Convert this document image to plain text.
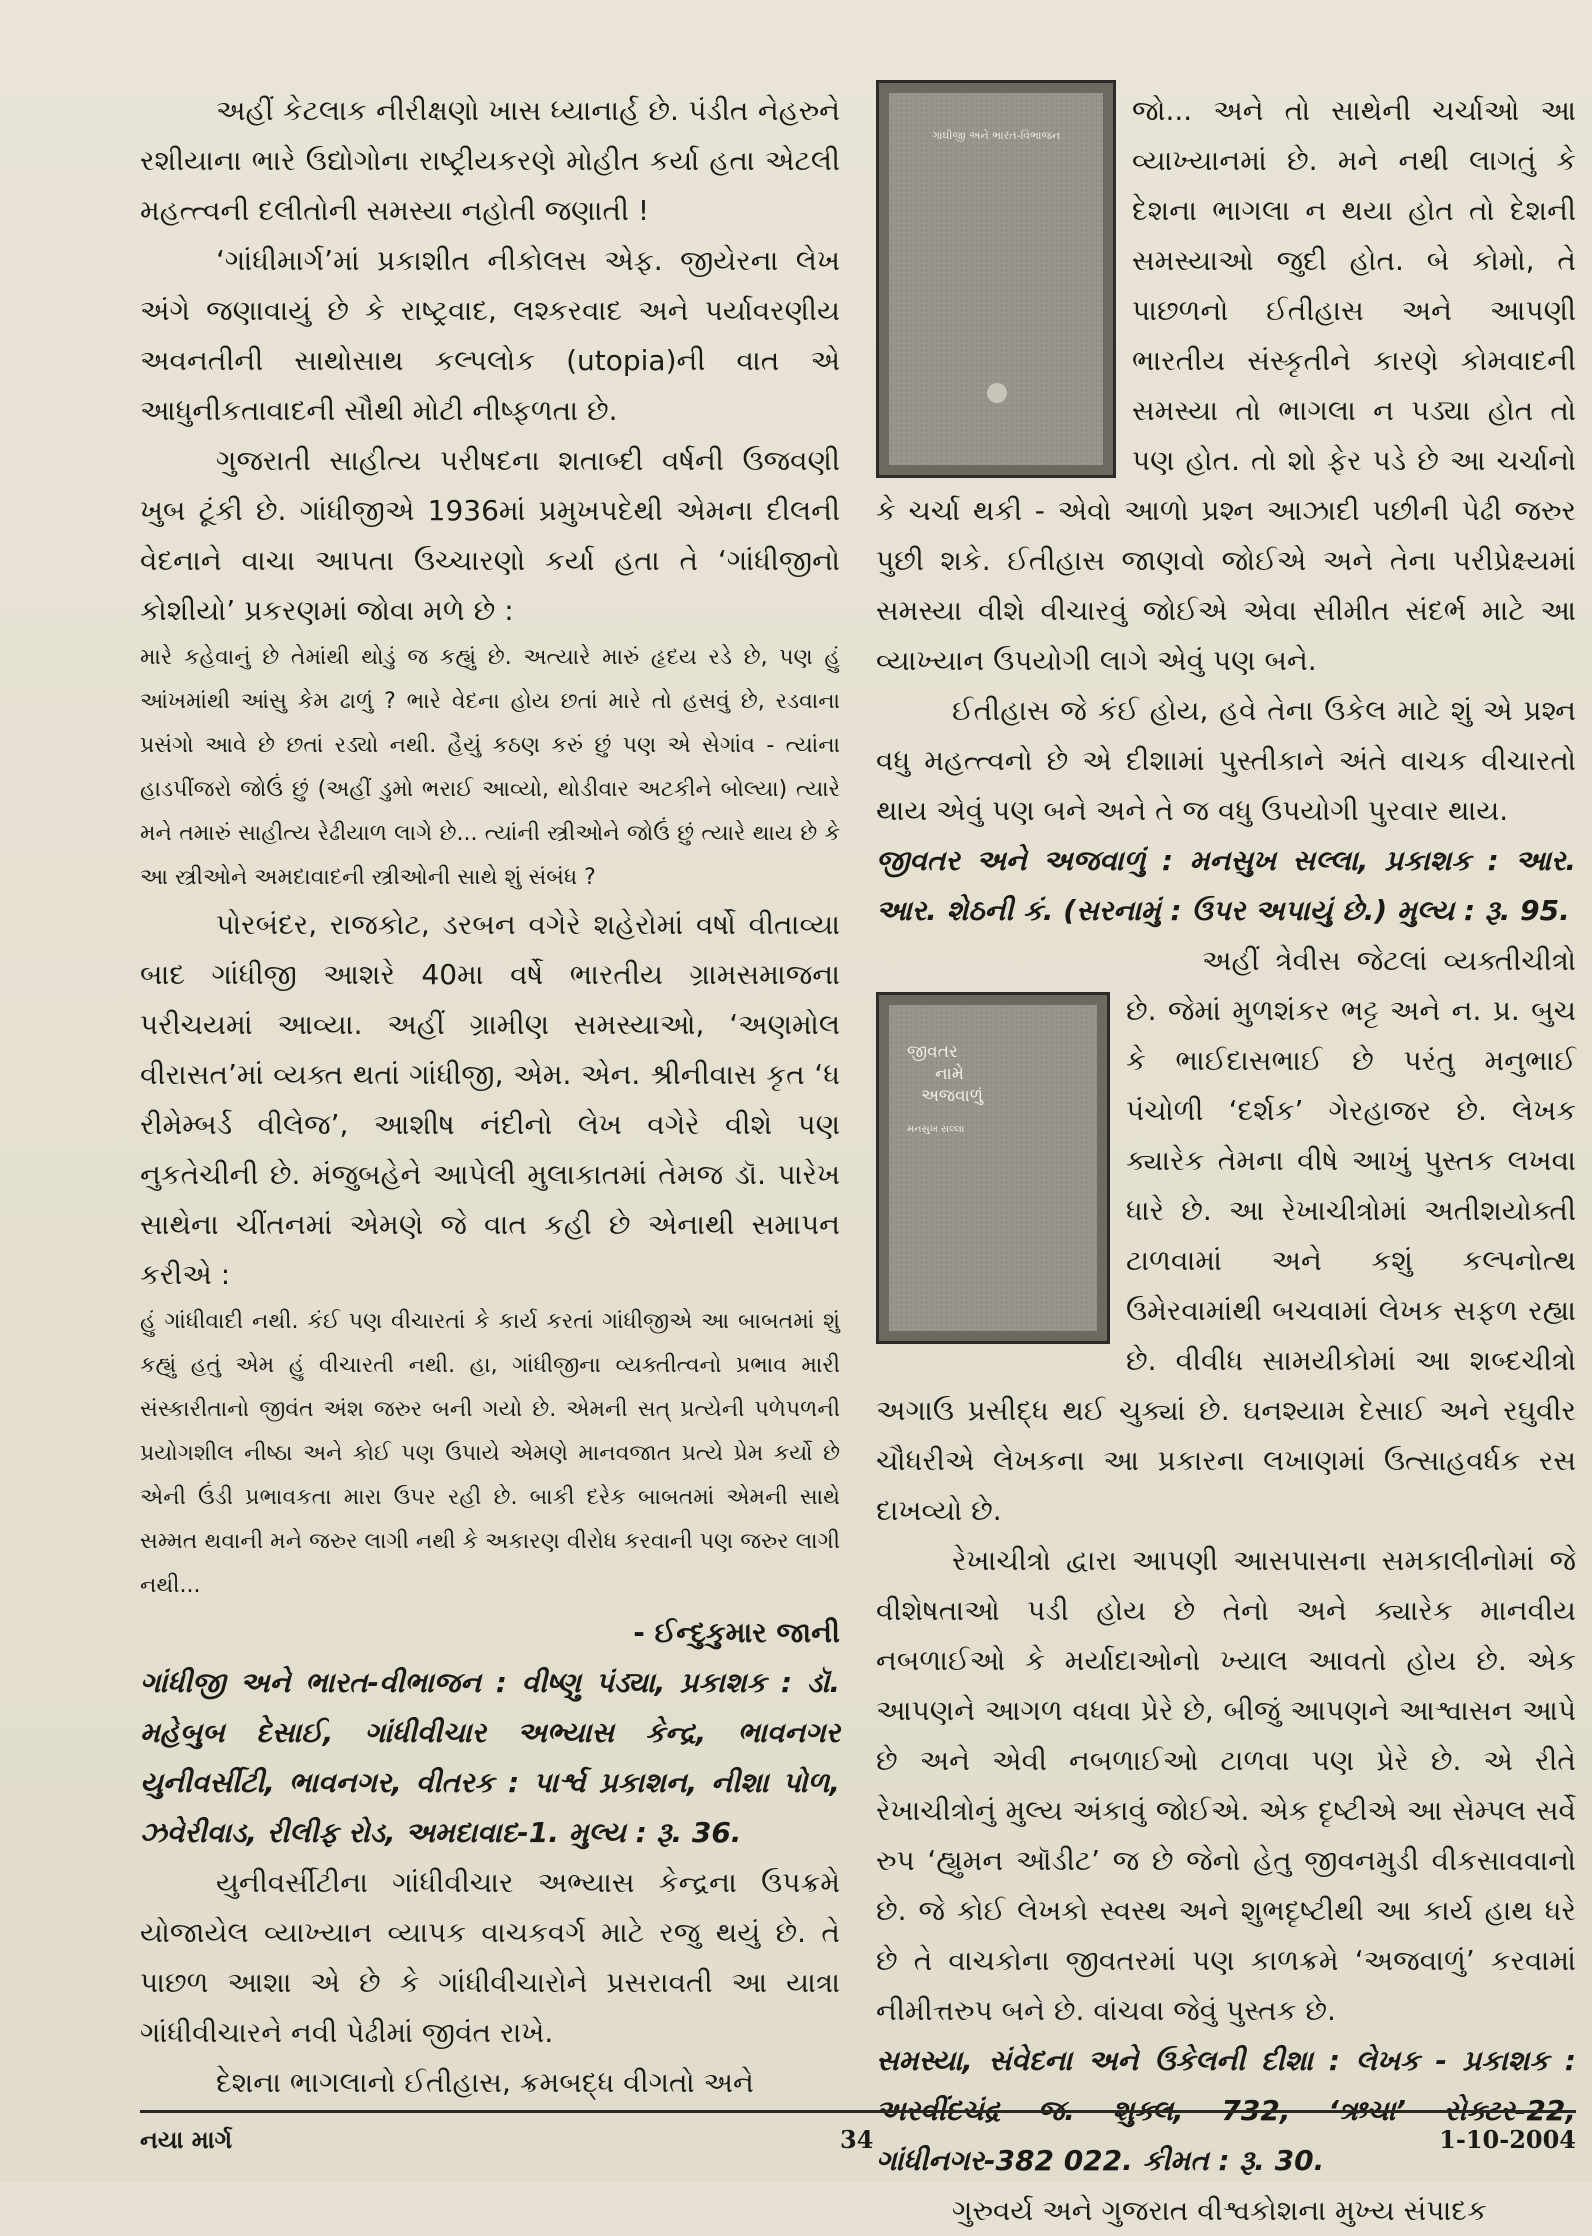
અહીં કેટલાક નીરીક્ષણો ખાસ ધ્યાનાર્હ છે. પંડીત નેહરુને રશીયાના ભારે ઉદ્યોગોના રાષ્ટ્રીયકરણે મોહીત કર્યા હતા એટલી મહત્ત્વની દલીતોની સમસ્યા નહોતી જણાતી !

‘ગાંધીમાર્ગ’માં પ્રકાશીત નીકોલસ એફ. જીયેરના લેખ અંગે જણાવાયું છે કે રાષ્ટ્રવાદ, લશ્કરવાદ અને પર્યાવરણીય અવનતીની સાથોસાથ કલ્પલોક (utopia)ની વાત એ આધુનીકતાવાદની સૌથી મોટી નીષ્ફળતા છે.

ગુજરાતી સાહીત્ય પરીષદના શતાબ્દી વર્ષની ઉજવણી ખુબ ટૂંકી છે. ગાંધીજીએ 1936માં પ્રમુખપદેથી એમના દીલની વેદનાને વાચા આપતા ઉચ્ચારણો કર્યા હતા તે ‘ગાંધીજીનો કોશીયો’ પ્રકરણમાં જોવા મળે છે :

મારે કહેવાનું છે તેમાંથી થોડું જ કહ્યું છે. અત્યારે મારું હૃદય રડે છે, પણ હું આંખમાંથી આંસુ કેમ ઢાળું ? ભારે વેદના હોય છતાં મારે તો હસવું છે, રડવાના પ્રસંગો આવે છે છતાં રડ્યો નથી. હૈયું કઠણ કરું છું પણ એ સેગાંવ - ત્યાંના હાડપીંજરો જોઉં છું (અહીં ડુમો ભરાઈ આવ્યો, થોડીવાર અટકીને બોલ્યા) ત્યારે મને તમારું સાહીત્ય રેઢીયાળ લાગે છે... ત્યાંની સ્ત્રીઓને જોઉં છું ત્યારે થાય છે કે આ સ્ત્રીઓને અમદાવાદની સ્ત્રીઓની સાથે શું સંબંધ ?

પોરબંદર, રાજકોટ, ડરબન વગેરે શહેરોમાં વર્ષો વીતાવ્યા બાદ ગાંધીજી આશરે 40મા વર્ષે ભારતીય ગ્રામસમાજના પરીચયમાં આવ્યા. અહીં ગ્રામીણ સમસ્યાઓ, ‘અણમોલ વીરાસત’માં વ્યક્ત થતાં ગાંધીજી, એમ. એન. શ્રીનીવાસ કૃત ‘ધ રીમેમ્બર્ડ વીલેજ’, આશીષ નંદીનો લેખ વગેરે વીશે પણ નુકતેચીની છે. મંજુબહેને આપેલી મુલાકાતમાં તેમજ ડૉ. પારેખ સાથેના ચીંતનમાં એમણે જે વાત કહી છે એનાથી સમાપન કરીએ :

હું ગાંધીવાદી નથી. કંઈ પણ વીચારતાં કે કાર્ય કરતાં ગાંધીજીએ આ બાબતમાં શું કહ્યું હતું એમ હું વીચારતી નથી. હા, ગાંધીજીના વ્યક્તીત્વનો પ્રભાવ મારી સંસ્કારીતાનો જીવંત અંશ જરુર બની ગયો છે. એમની સત્ પ્રત્યેની પળેપળની પ્રયોગશીલ નીષ્ઠા અને કોઈ પણ ઉપાયે એમણે માનવજાત પ્રત્યે પ્રેમ કર્યો છે એની ઉંડી પ્રભાવકતા મારા ઉપર રહી છે. બાકી દરેક બાબતમાં એમની સાથે સમ્મત થવાની મને જરુર લાગી નથી કે અકારણ વીરોધ કરવાની પણ જરુર લાગી નથી...

- ઈન્દુકુમાર જાની

ગાંધીજી અને ભારત-વીભાજન : વીષ્ણુ પંડ્યા, પ્રકાશક : ડૉ. મહેબુબ દેસાઈ, ગાંધીવીચાર અભ્યાસ કેન્દ્ર, ભાવનગર યુનીવર્સીટી, ભાવનગર, વીતરક : પાર્શ્વ પ્રકાશન, નીશા પોળ, ઝવેરીવાડ, રીલીફ રોડ, અમદાવાદ-1. મુલ્ય : રૂ. 36.

યુનીવર્સીટીના ગાંધીવીચાર અભ્યાસ કેન્દ્રના ઉપક્રમે યોજાયેલ વ્યાખ્યાન વ્યાપક વાચકવર્ગ માટે રજુ થયું છે. તે પાછળ આશા એ છે કે ગાંધીવીચારોને પ્રસરાવતી આ યાત્રા ગાંધીવીચારને નવી પેઢીમાં જીવંત રાખે.

દેશના ભાગલાનો ઈતીહાસ, ક્રમબદ્ધ વીગતો અને

ગાંધીજી અને ભારત-વિભાજન

જો... અને તો સાથેની ચર્ચાઓ આ વ્યાખ્યાનમાં છે. મને નથી લાગતું કે દેશના ભાગલા ન થયા હોત તો દેશની સમસ્યાઓ જુદી હોત. બે કોમો, તે પાછળનો ઈતીહાસ અને આપણી ભારતીય સંસ્કૃતીને કારણે કોમવાદની સમસ્યા તો ભાગલા ન પડ્યા હોત તો પણ હોત. તો શો ફેર પડે છે આ ચર્ચાનો કે ચર્ચા થકી - એવો આળો પ્રશ્ન આઝાદી પછીની પેઢી જરુર પુછી શકે. ઈતીહાસ જાણવો જોઈએ અને તેના પરીપ્રેક્ષ્યમાં સમસ્યા વીશે વીચારવું જોઈએ એવા સીમીત સંદર્ભ માટે આ વ્યાખ્યાન ઉપયોગી લાગે એવું પણ બને.

ઈતીહાસ જે કંઈ હોય, હવે તેના ઉકેલ માટે શું એ પ્રશ્ન વધુ મહત્ત્વનો છે એ દીશામાં પુસ્તીકાને અંતે વાચક વીચારતો થાય એવું પણ બને અને તે જ વધુ ઉપયોગી પુરવાર થાય.

જીવતર અને અજવાળું : મનસુખ સલ્લા, પ્રકાશક : આર. આર. શેઠની કં. (સરનામું : ઉપર અપાયું છે.) મુલ્ય : રૂ. 95.

જીવતર
નામે
અજવાળું
મનસુખ સલ્લા

અહીં ત્રેવીસ જેટલાં વ્યક્તીચીત્રો છે. જેમાં મુળશંકર ભટ્ટ અને ન. પ્ર. બુચ કે ભાઈદાસભાઈ છે પરંતુ મનુભાઈ પંચોળી ‘દર્શક’ ગેરહાજર છે. લેખક ક્યારેક તેમના વીષે આખું પુસ્તક લખવા ધારે છે. આ રેખાચીત્રોમાં અતીશયોક્તી ટાળવામાં અને કશું કલ્પનોત્થ ઉમેરવામાંથી બચવામાં લેખક સફળ રહ્યા છે. વીવીધ સામયીકોમાં આ શબ્દચીત્રો અગાઉ પ્રસીદ્ધ થઈ ચુક્યાં છે. ઘનશ્યામ દેસાઈ અને રઘુવીર ચૌધરીએ લેખકના આ પ્રકારના લખાણમાં ઉત્સાહવર્ધક રસ દાખવ્યો છે.

રેખાચીત્રો દ્વારા આપણી આસપાસના સમકાલીનોમાં જે વીશેષતાઓ પડી હોય છે તેનો અને ક્યારેક માનવીય નબળાઈઓ કે મર્યાદાઓનો ખ્યાલ આવતો હોય છે. એક આપણને આગળ વધવા પ્રેરે છે, બીજું આપણને આશ્વાસન આપે છે અને એવી નબળાઈઓ ટાળવા પણ પ્રેરે છે. એ રીતે રેખાચીત્રોનું મુલ્ય અંકાવું જોઈએ. એક દૃષ્ટીએ આ સેમ્પલ સર્વે રુપ ‘હ્યુમન ઑડીટ’ જ છે જેનો હેતુ જીવનમુડી વીકસાવવાનો છે. જે કોઈ લેખકો સ્વસ્થ અને શુભદૃષ્ટીથી આ કાર્ય હાથ ધરે છે તે વાચકોના જીવતરમાં પણ કાળક્રમે ‘અજવાળું’ કરવામાં નીમીત્તરુપ બને છે. વાંચવા જેવું પુસ્તક છે.

સમસ્યા, સંવેદના અને ઉકેલની દીશા : લેખક - પ્રકાશક : અરવીંદચંદ્ર જ. શુક્લ, 732, ‘ઋચા’ સેક્ટર-22, ગાંધીનગર-382 022. કીમત : રૂ. 30.

ગુરુવર્ય અને ગુજરાત વીશ્વકોશના મુખ્ય સંપાદક

નયા માર્ગ	34	1-10-2004
